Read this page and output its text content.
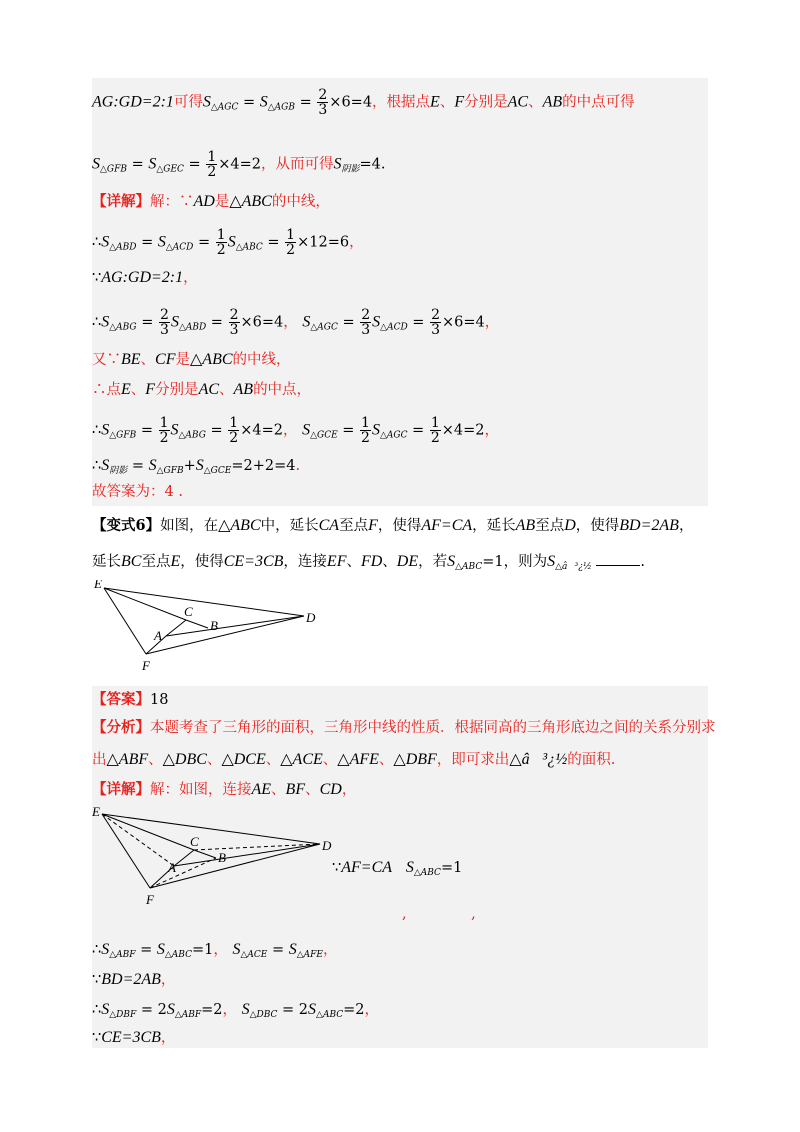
AG:GD=2:1可得$S_{\triangle AGC} = S_{\triangle AGB} = \frac{2}{3} \times 6=4$，根据点E、F分别是AC、AB的中点可得
$S_{\triangle GFB} = S_{\triangle GEC} = \frac{1}{2} \times 4=2$，从而可得$S_{阴影}=4$.
【详解】解：∵AD是△ABC的中线，
$\therefore S_{\triangle ABD} = S_{\triangle ACD} = \frac{1}{2} S_{\triangle ABC} = \frac{1}{2} \times 12=6$，
∵AG:GD=2:1，
$\therefore S_{\triangle ABG} = \frac{2}{3} S_{\triangle ABD} = \frac{2}{3} \times 6=4$， $S_{\triangle AGC} = \frac{2}{3} S_{\triangle ACD} = \frac{2}{3} \times 6=4$，
又∵BE、CF是△ABC的中线，
∴点E、F分别是AC、AB的中点，
$\therefore S_{\triangle GFB} = \frac{1}{2} S_{\triangle ABG} = \frac{1}{2} \times 4=2$， $S_{\triangle GCE} = \frac{1}{2} S_{\triangle AGC} = \frac{1}{2} \times 4=2$，
$\therefore S_{阴影} = S_{\triangle GFB}+S_{\triangle GCE}=2+2=4$.
故答案为：4 .
【变式6】如图，在△ABC中，延长CA至点F，使得AF=CA，延长AB至点D，使得BD=2AB，
延长BC至点E，使得CE=3CB，连接EF、FD、DE，若$S_{\triangle ABC}=1$，则为$S_{\triangle â^3¿\frac{1}{2}}$	.
E
C
B
A
D
F
【答案】18
【分析】本题考查了三角形的面积，三角形中线的性质．根据同高的三角形底边之间的关系分别求
出△ABF、△DBC、△DCE、△ACE、△AFE、△DBF，即可求出△â³¿½的面积.
【详解】解：如图，连接AE、BF、CD，
E
C
B
A
D
F
∵AF=CA $S_{\triangle ABC}=1$
,              ,
$\therefore S_{\triangle ABF} = S_{\triangle ABC}=1$， $S_{\triangle ACE} = S_{\triangle AFE}$，
∵BD=2AB，
$\therefore S_{\triangle DBF} = 2S_{\triangle ABF}=2$， $S_{\triangle DBC} = 2S_{\triangle ABC}=2$，
∵CE=3CB，
